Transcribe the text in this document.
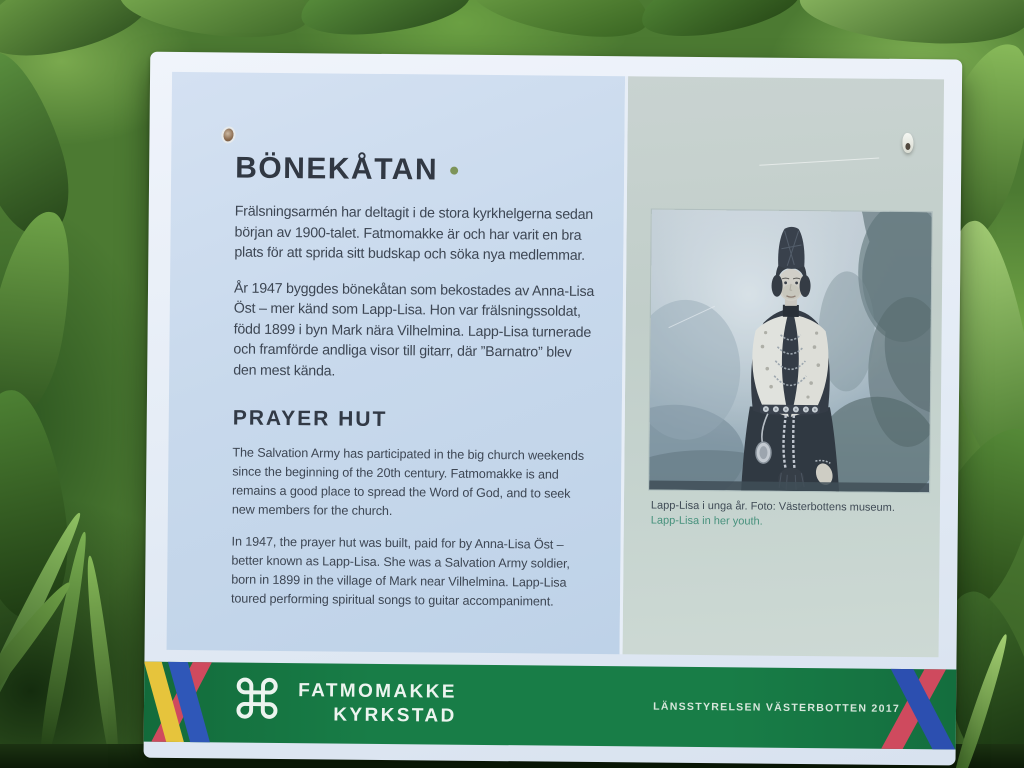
BÖNEKÅTAN

Frälsningsarmén har deltagit i de stora kyrkhelgerna sedan början av 1900-talet. Fatmomakke är och har varit en bra plats för att sprida sitt budskap och söka nya medlemmar.

År 1947 byggdes bönekåtan som bekostades av Anna-Lisa Öst – mer känd som Lapp-Lisa. Hon var frälsningssoldat, född 1899 i byn Mark nära Vilhelmina. Lapp-Lisa turnerade och framförde andliga visor till gitarr, där ”Barnatro” blev den mest kända.

PRAYER HUT

The Salvation Army has participated in the big church weekends since the beginning of the 20th century. Fatmomakke is and remains a good place to spread the Word of God, and to seek new members for the church.

In 1947, the prayer hut was built, paid for by Anna-Lisa Öst – better known as Lapp-Lisa. She was a Salvation Army soldier, born in 1899 in the village of Mark near Vilhelmina. Lapp-Lisa toured performing spiritual songs to guitar accompaniment.

Lapp-Lisa i unga år. Foto: Västerbottens museum.
Lapp-Lisa in her youth.
⌘ FATMOMAKKE
KYRKSTAD	LÄNSSTYRELSEN VÄSTERBOTTEN 2017
